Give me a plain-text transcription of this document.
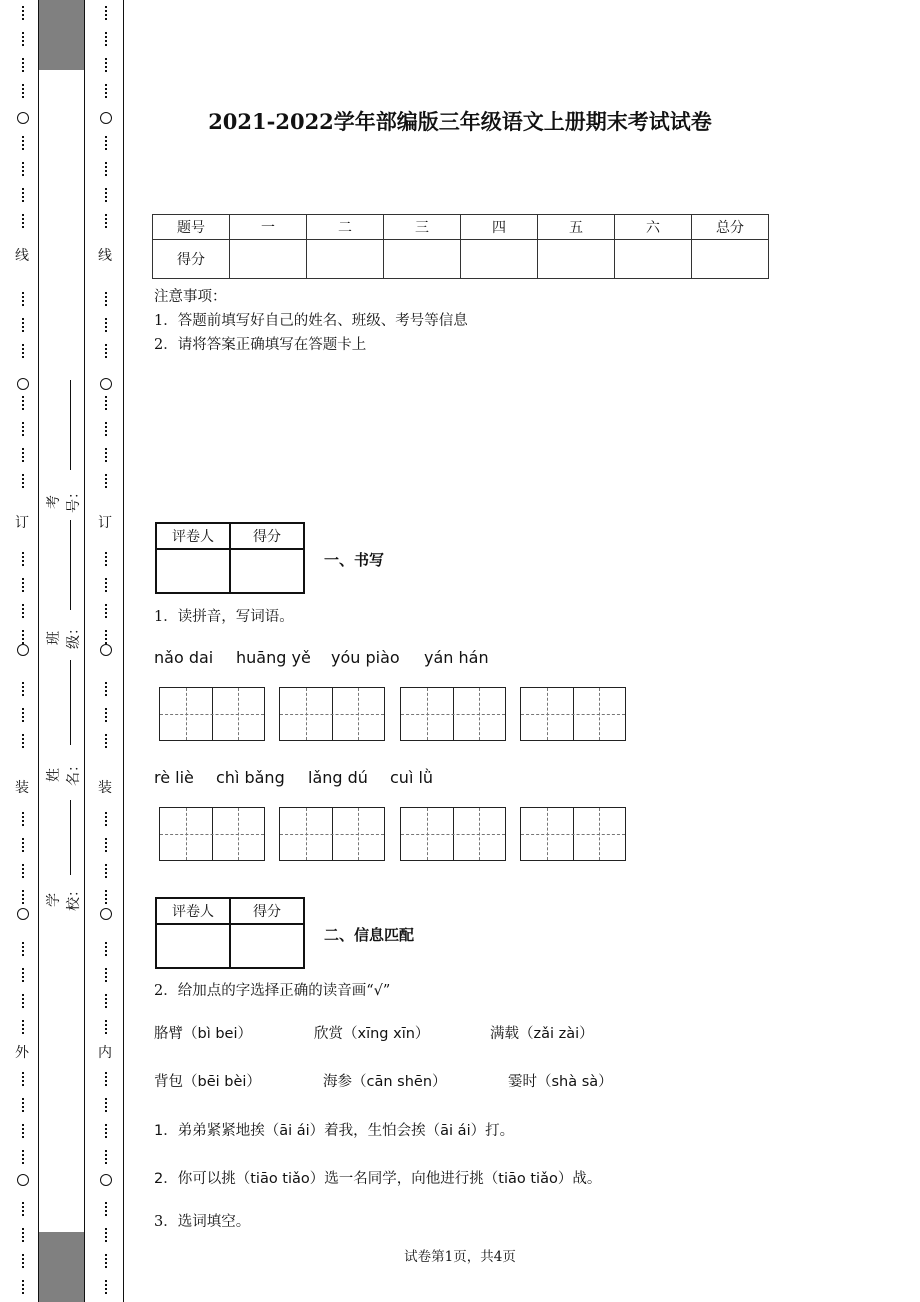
线
订
装
外
线
订
装
内
考号：
班级：
姓名：
学校：
2021-2022学年部编版三年级语文上册期末考试试卷
题号	一	二	三	四	五	六	总分
得分							
注意事项：
1．答题前填写好自己的姓名、班级、考号等信息
2．请将答案正确填写在答题卡上
评卷人	得分

一、书写
1．读拼音，写词语。
nǎo dai huāng yě yóu piào yán hán
rè liè chì bǎng lǎng dú cuì lǜ
评卷人	得分

二、信息匹配
2．给加点的字选择正确的读音画“√”
胳臂（bì bei）	欣赏（xīng xīn）	满载（zǎi zài）
背包（bēi bèi）	海参（cān shēn）	霎时（shà sà）
1．弟弟紧紧地挨（āi ái）着我，生怕会挨（āi ái）打。
2．你可以挑（tiāo tiǎo）选一名同学，向他进行挑（tiāo tiǎo）战。
3．选词填空。
试卷第1页，共4页
